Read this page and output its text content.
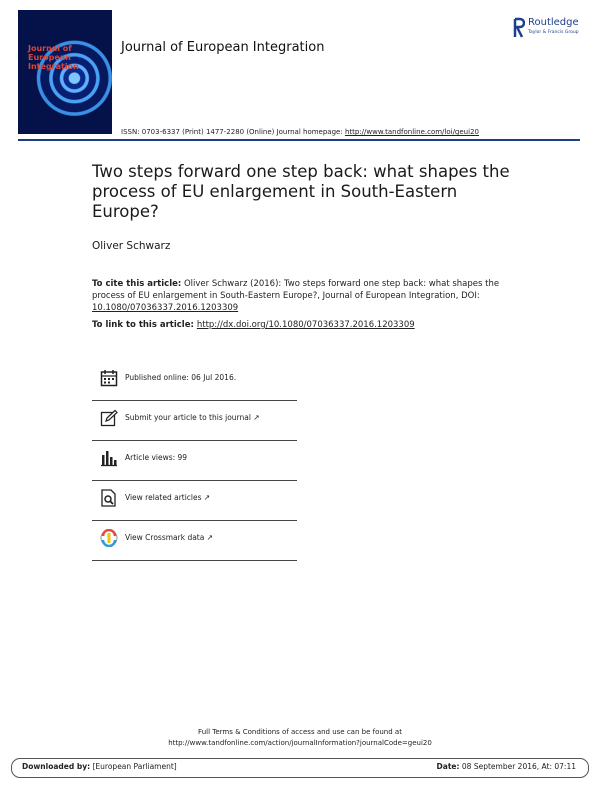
Journal of European Integration
Journal of European Integration
Routledge
Taylor & Francis Group
ISSN: 0703-6337 (Print) 1477-2280 (Online) Journal homepage: http://www.tandfonline.com/loi/geui20
Two steps forward one step back: what shapes the process of EU enlargement in South-Eastern Europe?
Oliver Schwarz
To cite this article: Oliver Schwarz (2016): Two steps forward one step back: what shapes the process of EU enlargement in South-Eastern Europe?, Journal of European Integration, DOI: 10.1080/07036337.2016.1203309
To link to this article: http://dx.doi.org/10.1080/07036337.2016.1203309
Published online: 06 Jul 2016.
Submit your article to this journal ↗
Article views: 99
View related articles ↗
View Crossmark data ↗
Full Terms & Conditions of access and use can be found at
http://www.tandfonline.com/action/journalInformation?journalCode=geui20
Downloaded by: [European Parliament]	Date: 08 September 2016, At: 07:11
